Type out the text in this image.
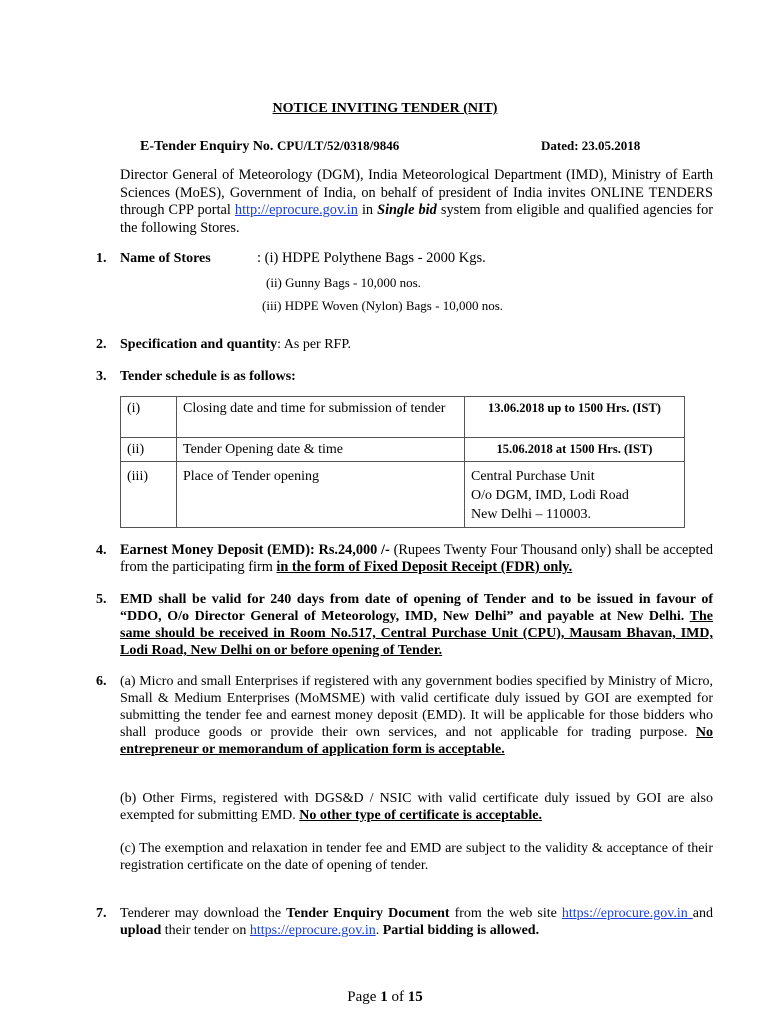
NOTICE INVITING TENDER (NIT)
E-Tender Enquiry No. CPU/LT/52/0318/9846	Dated: 23.05.2018

Director General of Meteorology (DGM), India Meteorological Department (IMD), Ministry of Earth Sciences (MoES), Government of India, on behalf of president of India invites ONLINE TENDERS through CPP portal http://eprocure.gov.in in Single bid system from eligible and qualified agencies for the following Stores.

1. Name of Stores	: (i) HDPE Polythene Bags - 2000 Kgs.
(ii) Gunny Bags - 10,000 nos.
(iii) HDPE Woven (Nylon) Bags - 10,000 nos.
2. Specification and quantity: As per RFP.
3. Tender schedule is as follows:
(i)	Closing date and time for submission of tender	13.06.2018 up to 1500 Hrs. (IST)
(ii)	Tender Opening date & time	15.06.2018 at 1500 Hrs. (IST)
(iii)	Place of Tender opening	Central Purchase Unit
O/o DGM, IMD, Lodi Road
New Delhi – 110003.
4. Earnest Money Deposit (EMD): Rs.24,000 /- (Rupees Twenty Four Thousand only) shall be accepted from the participating firm in the form of Fixed Deposit Receipt (FDR) only.

5. EMD shall be valid for 240 days from date of opening of Tender and to be issued in favour of “DDO, O/o Director General of Meteorology, IMD, New Delhi” and payable at New Delhi. The same should be received in Room No.517, Central Purchase Unit (CPU), Mausam Bhavan, IMD, Lodi Road, New Delhi on or before opening of Tender.

6. (a) Micro and small Enterprises if registered with any government bodies specified by Ministry of Micro, Small & Medium Enterprises (MoMSME) with valid certificate duly issued by GOI are exempted for submitting the tender fee and earnest money deposit (EMD). It will be applicable for those bidders who shall produce goods or provide their own services, and not applicable for trading purpose. No entrepreneur or memorandum of application form is acceptable.

(b) Other Firms, registered with DGS&D / NSIC with valid certificate duly issued by GOI are also exempted for submitting EMD. No other type of certificate is acceptable.

(c) The exemption and relaxation in tender fee and EMD are subject to the validity & acceptance of their registration certificate on the date of opening of tender.

7. Tenderer may download the Tender Enquiry Document from the web site https://eprocure.gov.in and upload their tender on https://eprocure.gov.in. Partial bidding is allowed.

Page 1 of 15
